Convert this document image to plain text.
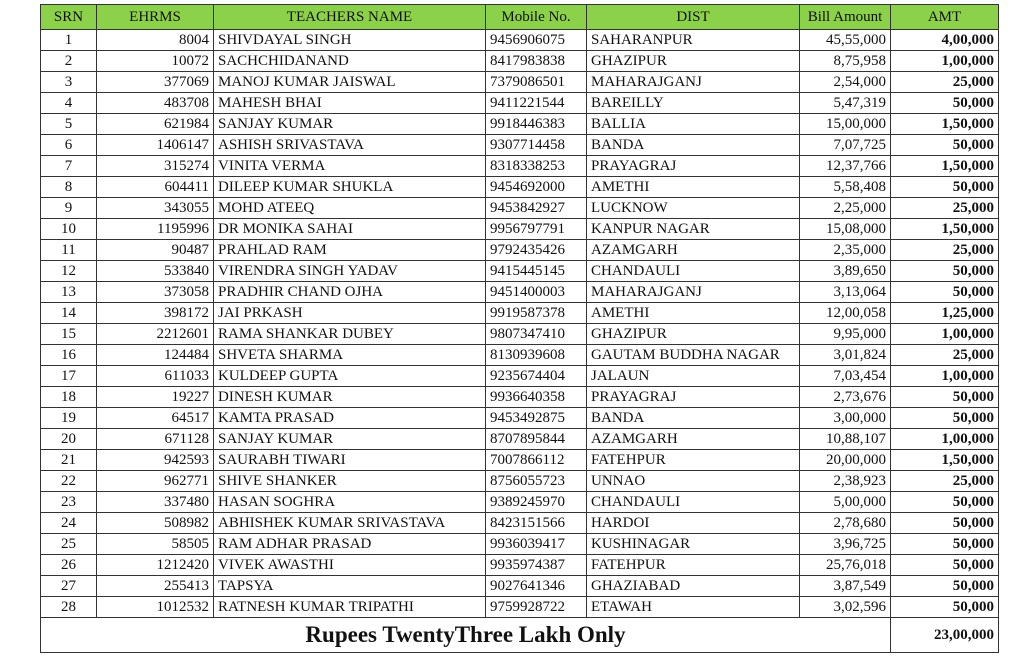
SRN	EHRMS	TEACHERS NAME	Mobile No.	DIST	Bill Amount	AMT
1	8004	SHIVDAYAL SINGH	9456906075	SAHARANPUR	45,55,000	4,00,000
2	10072	SACHCHIDANAND	8417983838	GHAZIPUR	8,75,958	1,00,000
3	377069	MANOJ KUMAR JAISWAL	7379086501	MAHARAJGANJ	2,54,000	25,000
4	483708	MAHESH BHAI	9411221544	BAREILLY	5,47,319	50,000
5	621984	SANJAY KUMAR	9918446383	BALLIA	15,00,000	1,50,000
6	1406147	ASHISH SRIVASTAVA	9307714458	BANDA	7,07,725	50,000
7	315274	VINITA VERMA	8318338253	PRAYAGRAJ	12,37,766	1,50,000
8	604411	DILEEP KUMAR SHUKLA	9454692000	AMETHI	5,58,408	50,000
9	343055	MOHD ATEEQ	9453842927	LUCKNOW	2,25,000	25,000
10	1195996	DR MONIKA SAHAI	9956797791	KANPUR NAGAR	15,08,000	1,50,000
11	90487	PRAHLAD RAM	9792435426	AZAMGARH	2,35,000	25,000
12	533840	VIRENDRA SINGH YADAV	9415445145	CHANDAULI	3,89,650	50,000
13	373058	PRADHIR CHAND OJHA	9451400003	MAHARAJGANJ	3,13,064	50,000
14	398172	JAI PRKASH	9919587378	AMETHI	12,00,058	1,25,000
15	2212601	RAMA SHANKAR DUBEY	9807347410	GHAZIPUR	9,95,000	1,00,000
16	124484	SHVETA SHARMA	8130939608	GAUTAM BUDDHA NAGAR	3,01,824	25,000
17	611033	KULDEEP GUPTA	9235674404	JALAUN	7,03,454	1,00,000
18	19227	DINESH KUMAR	9936640358	PRAYAGRAJ	2,73,676	50,000
19	64517	KAMTA PRASAD	9453492875	BANDA	3,00,000	50,000
20	671128	SANJAY KUMAR	8707895844	AZAMGARH	10,88,107	1,00,000
21	942593	SAURABH TIWARI	7007866112	FATEHPUR	20,00,000	1,50,000
22	962771	SHIVE SHANKER	8756055723	UNNAO	2,38,923	25,000
23	337480	HASAN SOGHRA	9389245970	CHANDAULI	5,00,000	50,000
24	508982	ABHISHEK KUMAR SRIVASTAVA	8423151566	HARDOI	2,78,680	50,000
25	58505	RAM ADHAR PRASAD	9936039417	KUSHINAGAR	3,96,725	50,000
26	1212420	VIVEK AWASTHI	9935974387	FATEHPUR	25,76,018	50,000
27	255413	TAPSYA	9027641346	GHAZIABAD	3,87,549	50,000
28	1012532	RATNESH KUMAR TRIPATHI	9759928722	ETAWAH	3,02,596	50,000
Rupees TwentyThree Lakh Only						23,00,000
